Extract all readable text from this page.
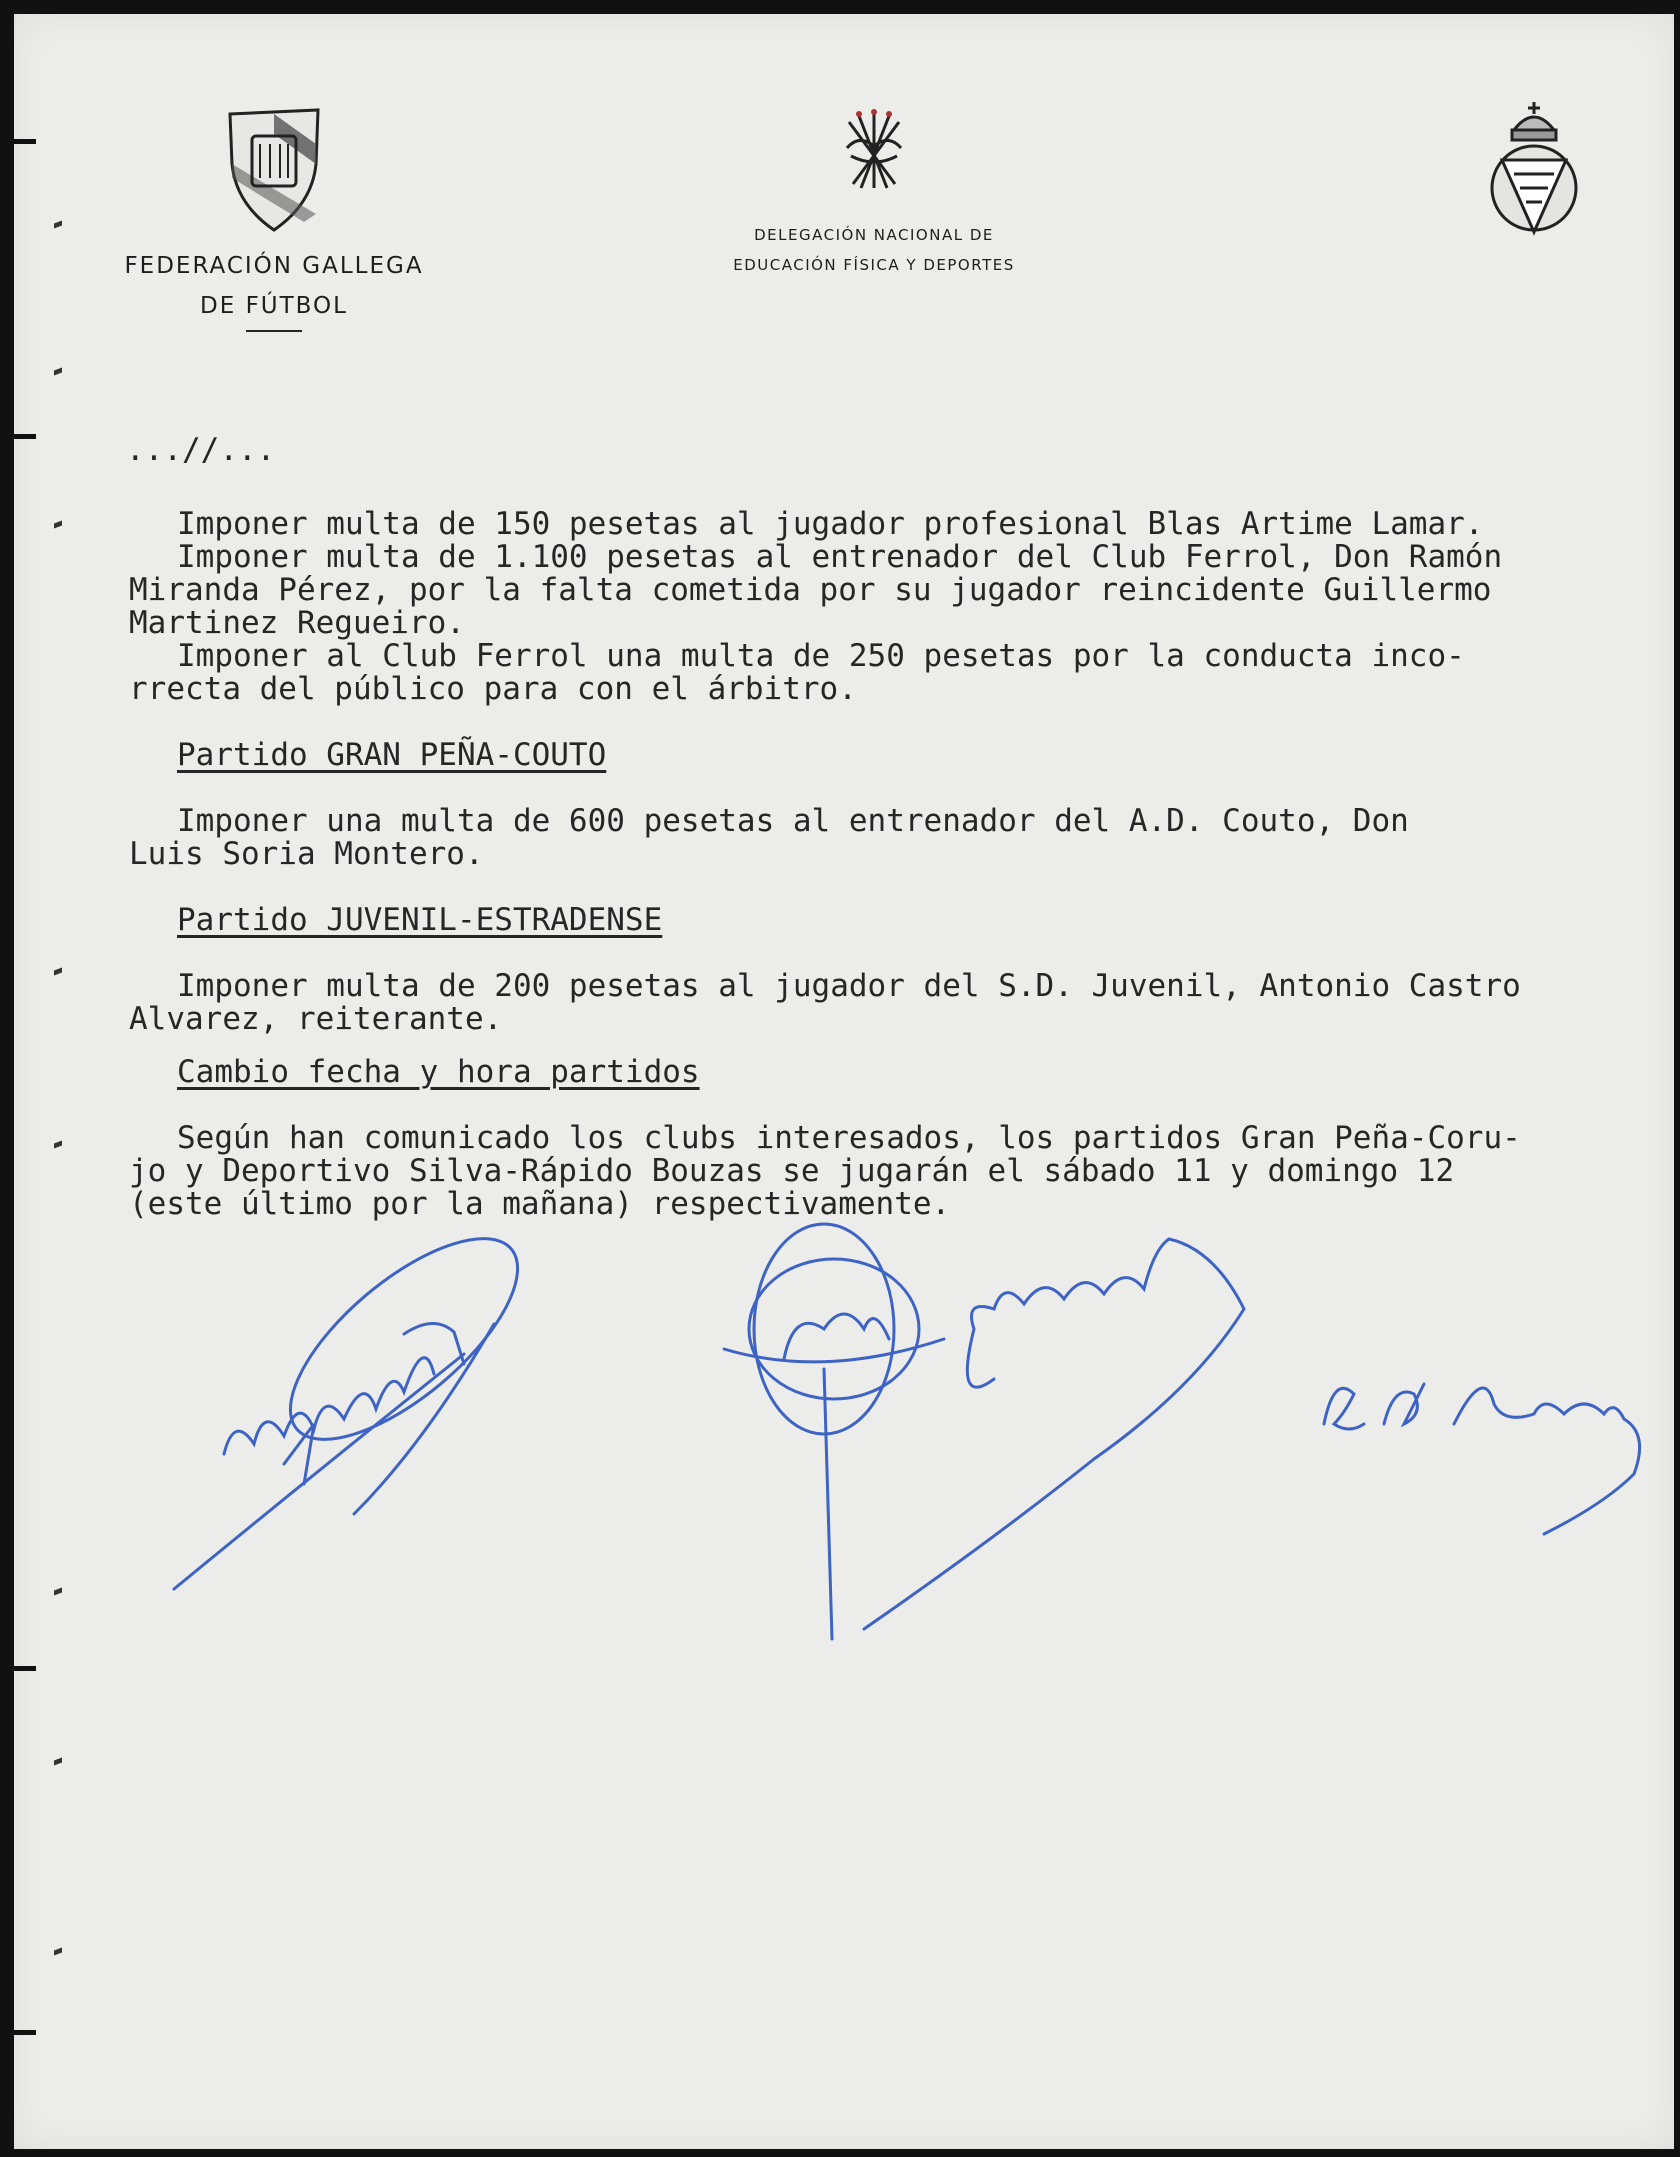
FEDERACIÓN GALLEGA
DE FÚTBOL
DELEGACIÓN NACIONAL DE
EDUCACIÓN FÍSICA Y DEPORTES

...//...

Imponer multa de 150 pesetas al jugador profesional Blas Artime Lamar.

Imponer multa de 1.100 pesetas al entrenador del Club Ferrol, Don Ramón

Miranda Pérez, por la falta cometida por su jugador reincidente Guillermo

Martinez Regueiro.

Imponer al Club Ferrol una multa de 250 pesetas por la conducta inco-

rrecta del público para con el árbitro.

Partido GRAN PEÑA-COUTO

Imponer una multa de 600 pesetas al entrenador del A.D. Couto, Don

Luis Soria Montero.

Partido JUVENIL-ESTRADENSE

Imponer multa de 200 pesetas al jugador del S.D. Juvenil, Antonio Castro

Alvarez, reiterante.

Cambio fecha y hora partidos

Según han comunicado los clubs interesados, los partidos Gran Peña-Coru-

jo y Deportivo Silva-Rápido Bouzas se jugarán el sábado 11 y domingo 12

(este último por la mañana) respectivamente.
